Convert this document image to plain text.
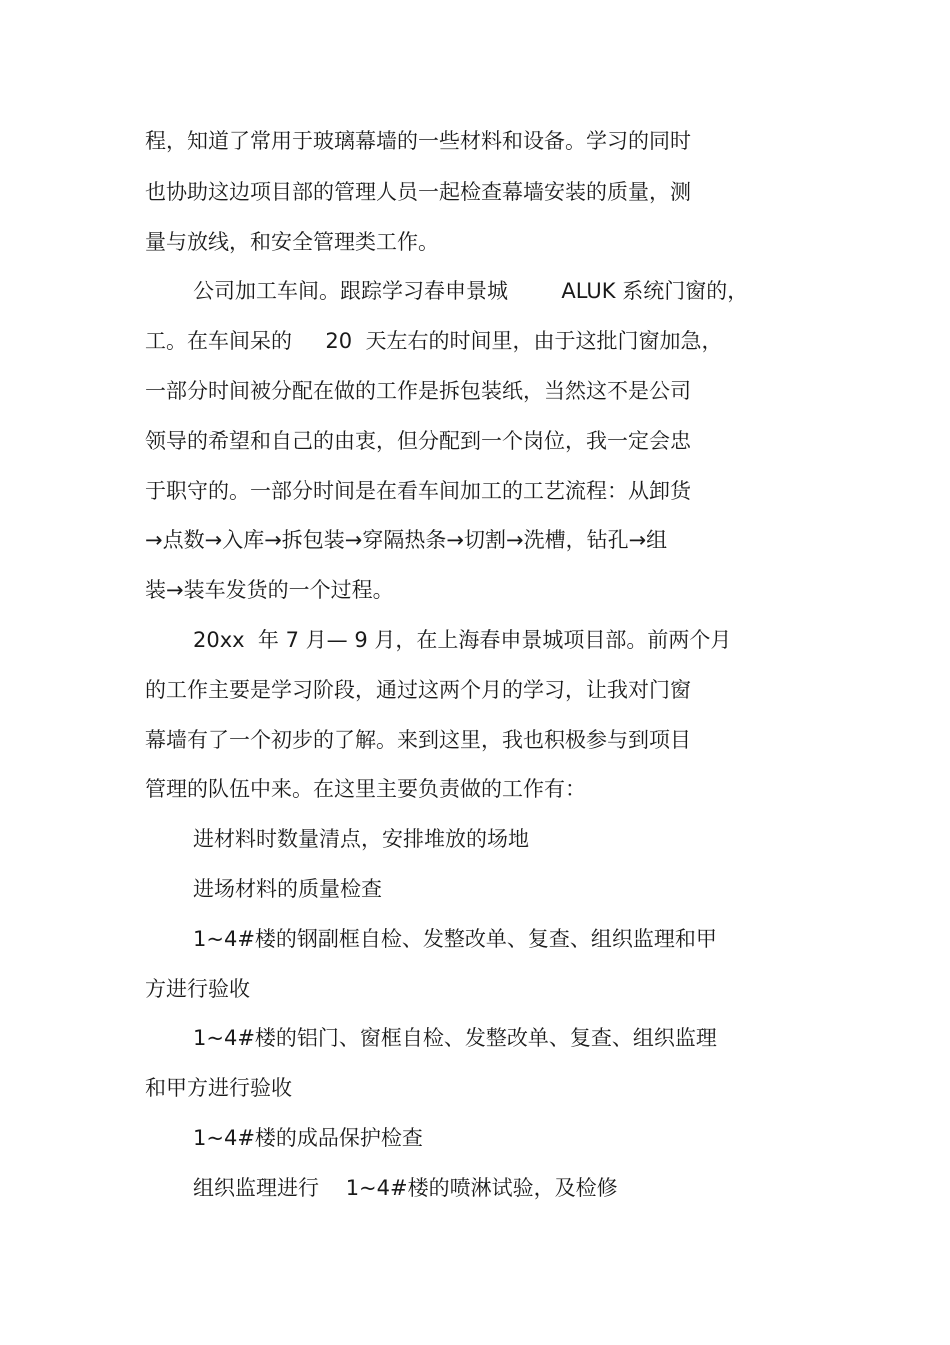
程，知道了常用于玻璃幕墙的一些材料和设备。学习的同时
也协助这边项目部的管理人员一起检查幕墙安装的质量，测
量与放线，和安全管理类工作。
公司加工车间。跟踪学习春申景城        ALUK 系统门窗的，
工。在车间呆的     20  天左右的时间里，由于这批门窗加急，
一部分时间被分配在做的工作是拆包装纸，当然这不是公司
领导的希望和自己的由衷，但分配到一个岗位，我一定会忠
于职守的。一部分时间是在看车间加工的工艺流程：从卸货
→点数→入库→拆包装→穿隔热条→切割→洗槽，钻孔→组
装→装车发货的一个过程。
20xx  年 7 月— 9 月，在上海春申景城项目部。前两个月
的工作主要是学习阶段，通过这两个月的学习，让我对门窗
幕墙有了一个初步的了解。来到这里，我也积极参与到项目
管理的队伍中来。在这里主要负责做的工作有：
进材料时数量清点，安排堆放的场地
进场材料的质量检查
1~4#楼的钢副框自检、发整改单、复查、组织监理和甲
方进行验收
1~4#楼的铝门、窗框自检、发整改单、复查、组织监理
和甲方进行验收
1~4#楼的成品保护检查
组织监理进行    1~4#楼的喷淋试验，及检修
